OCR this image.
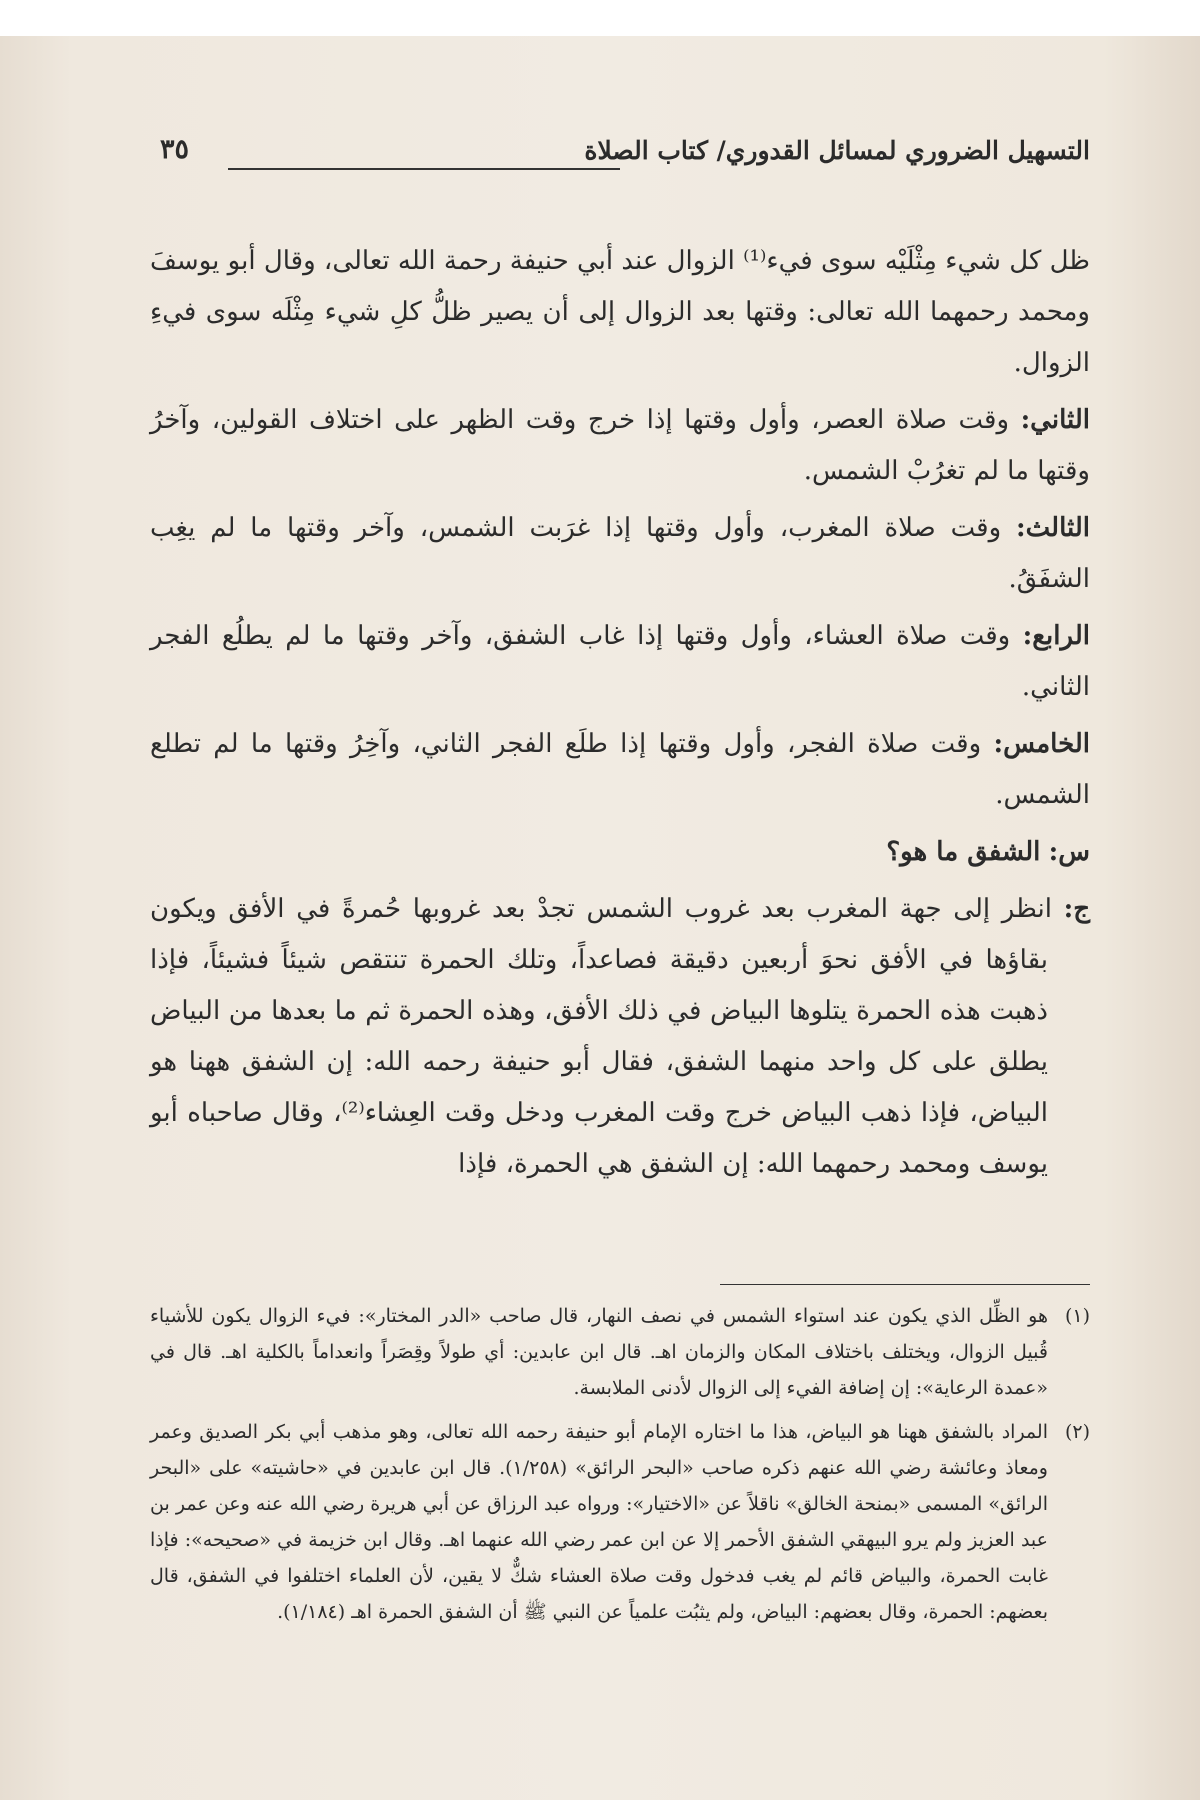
التسهيل الضروري لمسائل القدوري/ كتاب الصلاة
٣٥

ظل كل شيء مِثْلَيْه سوى فيء⁽¹⁾ الزوال عند أبي حنيفة رحمة الله تعالى، وقال أبو يوسفَ ومحمد رحمهما الله تعالى: وقتها بعد الزوال إلى أن يصير ظلُّ كلِ شيء مِثْلَه سوى فيءِ الزوال.

الثاني: وقت صلاة العصر، وأول وقتها إذا خرج وقت الظهر على اختلاف القولين، وآخرُ وقتها ما لم تغرُبْ الشمس.

الثالث: وقت صلاة المغرب، وأول وقتها إذا غرَبت الشمس، وآخر وقتها ما لم يغِب الشفَقُ.

الرابع: وقت صلاة العشاء، وأول وقتها إذا غاب الشفق، وآخر وقتها ما لم يطلُع الفجر الثاني.

الخامس: وقت صلاة الفجر، وأول وقتها إذا طلَع الفجر الثاني، وآخِرُ وقتها ما لم تطلع الشمس.

س: الشفق ما هو؟

ج: انظر إلى جهة المغرب بعد غروب الشمس تجدْ بعد غروبها حُمرةً في الأفق ويكون بقاؤها في الأفق نحوَ أربعين دقيقة فصاعداً، وتلك الحمرة تنتقص شيئاً فشيئاً، فإذا ذهبت هذه الحمرة يتلوها البياض في ذلك الأفق، وهذه الحمرة ثم ما بعدها من البياض يطلق على كل واحد منهما الشفق، فقال أبو حنيفة رحمه الله: إن الشفق ههنا هو البياض، فإذا ذهب البياض خرج وقت المغرب ودخل وقت العِشاء⁽²⁾، وقال صاحباه أبو يوسف ومحمد رحمهما الله: إن الشفق هي الحمرة، فإذا

(١)هو الظِّل الذي يكون عند استواء الشمس في نصف النهار، قال صاحب «الدر المختار»: فيء الزوال يكون للأشياء قُبيل الزوال، ويختلف باختلاف المكان والزمان اهـ. قال ابن عابدين: أي طولاً وقِصَراً وانعداماً بالكلية اهـ. قال في «عمدة الرعاية»: إن إضافة الفيء إلى الزوال لأدنى الملابسة.

(٢)المراد بالشفق ههنا هو البياض، هذا ما اختاره الإمام أبو حنيفة رحمه الله تعالى، وهو مذهب أبي بكر الصديق وعمر ومعاذ وعائشة رضي الله عنهم ذكره صاحب «البحر الرائق» (١/٢٥٨). قال ابن عابدين في «حاشيته» على «البحر الرائق» المسمى «بمنحة الخالق» ناقلاً عن «الاختيار»: ورواه عبد الرزاق عن أبي هريرة رضي الله عنه وعن عمر بن عبد العزيز ولم يرو البيهقي الشفق الأحمر إلا عن ابن عمر رضي الله عنهما اهـ. وقال ابن خزيمة في «صحيحه»: فإذا غابت الحمرة، والبياض قائم لم يغب فدخول وقت صلاة العشاء شكٌّ لا يقين، لأن العلماء اختلفوا في الشفق، قال بعضهم: الحمرة، وقال بعضهم: البياض، ولم يثبُت علمياً عن النبي ﷺ أن الشفق الحمرة اهـ (١/١٨٤).
